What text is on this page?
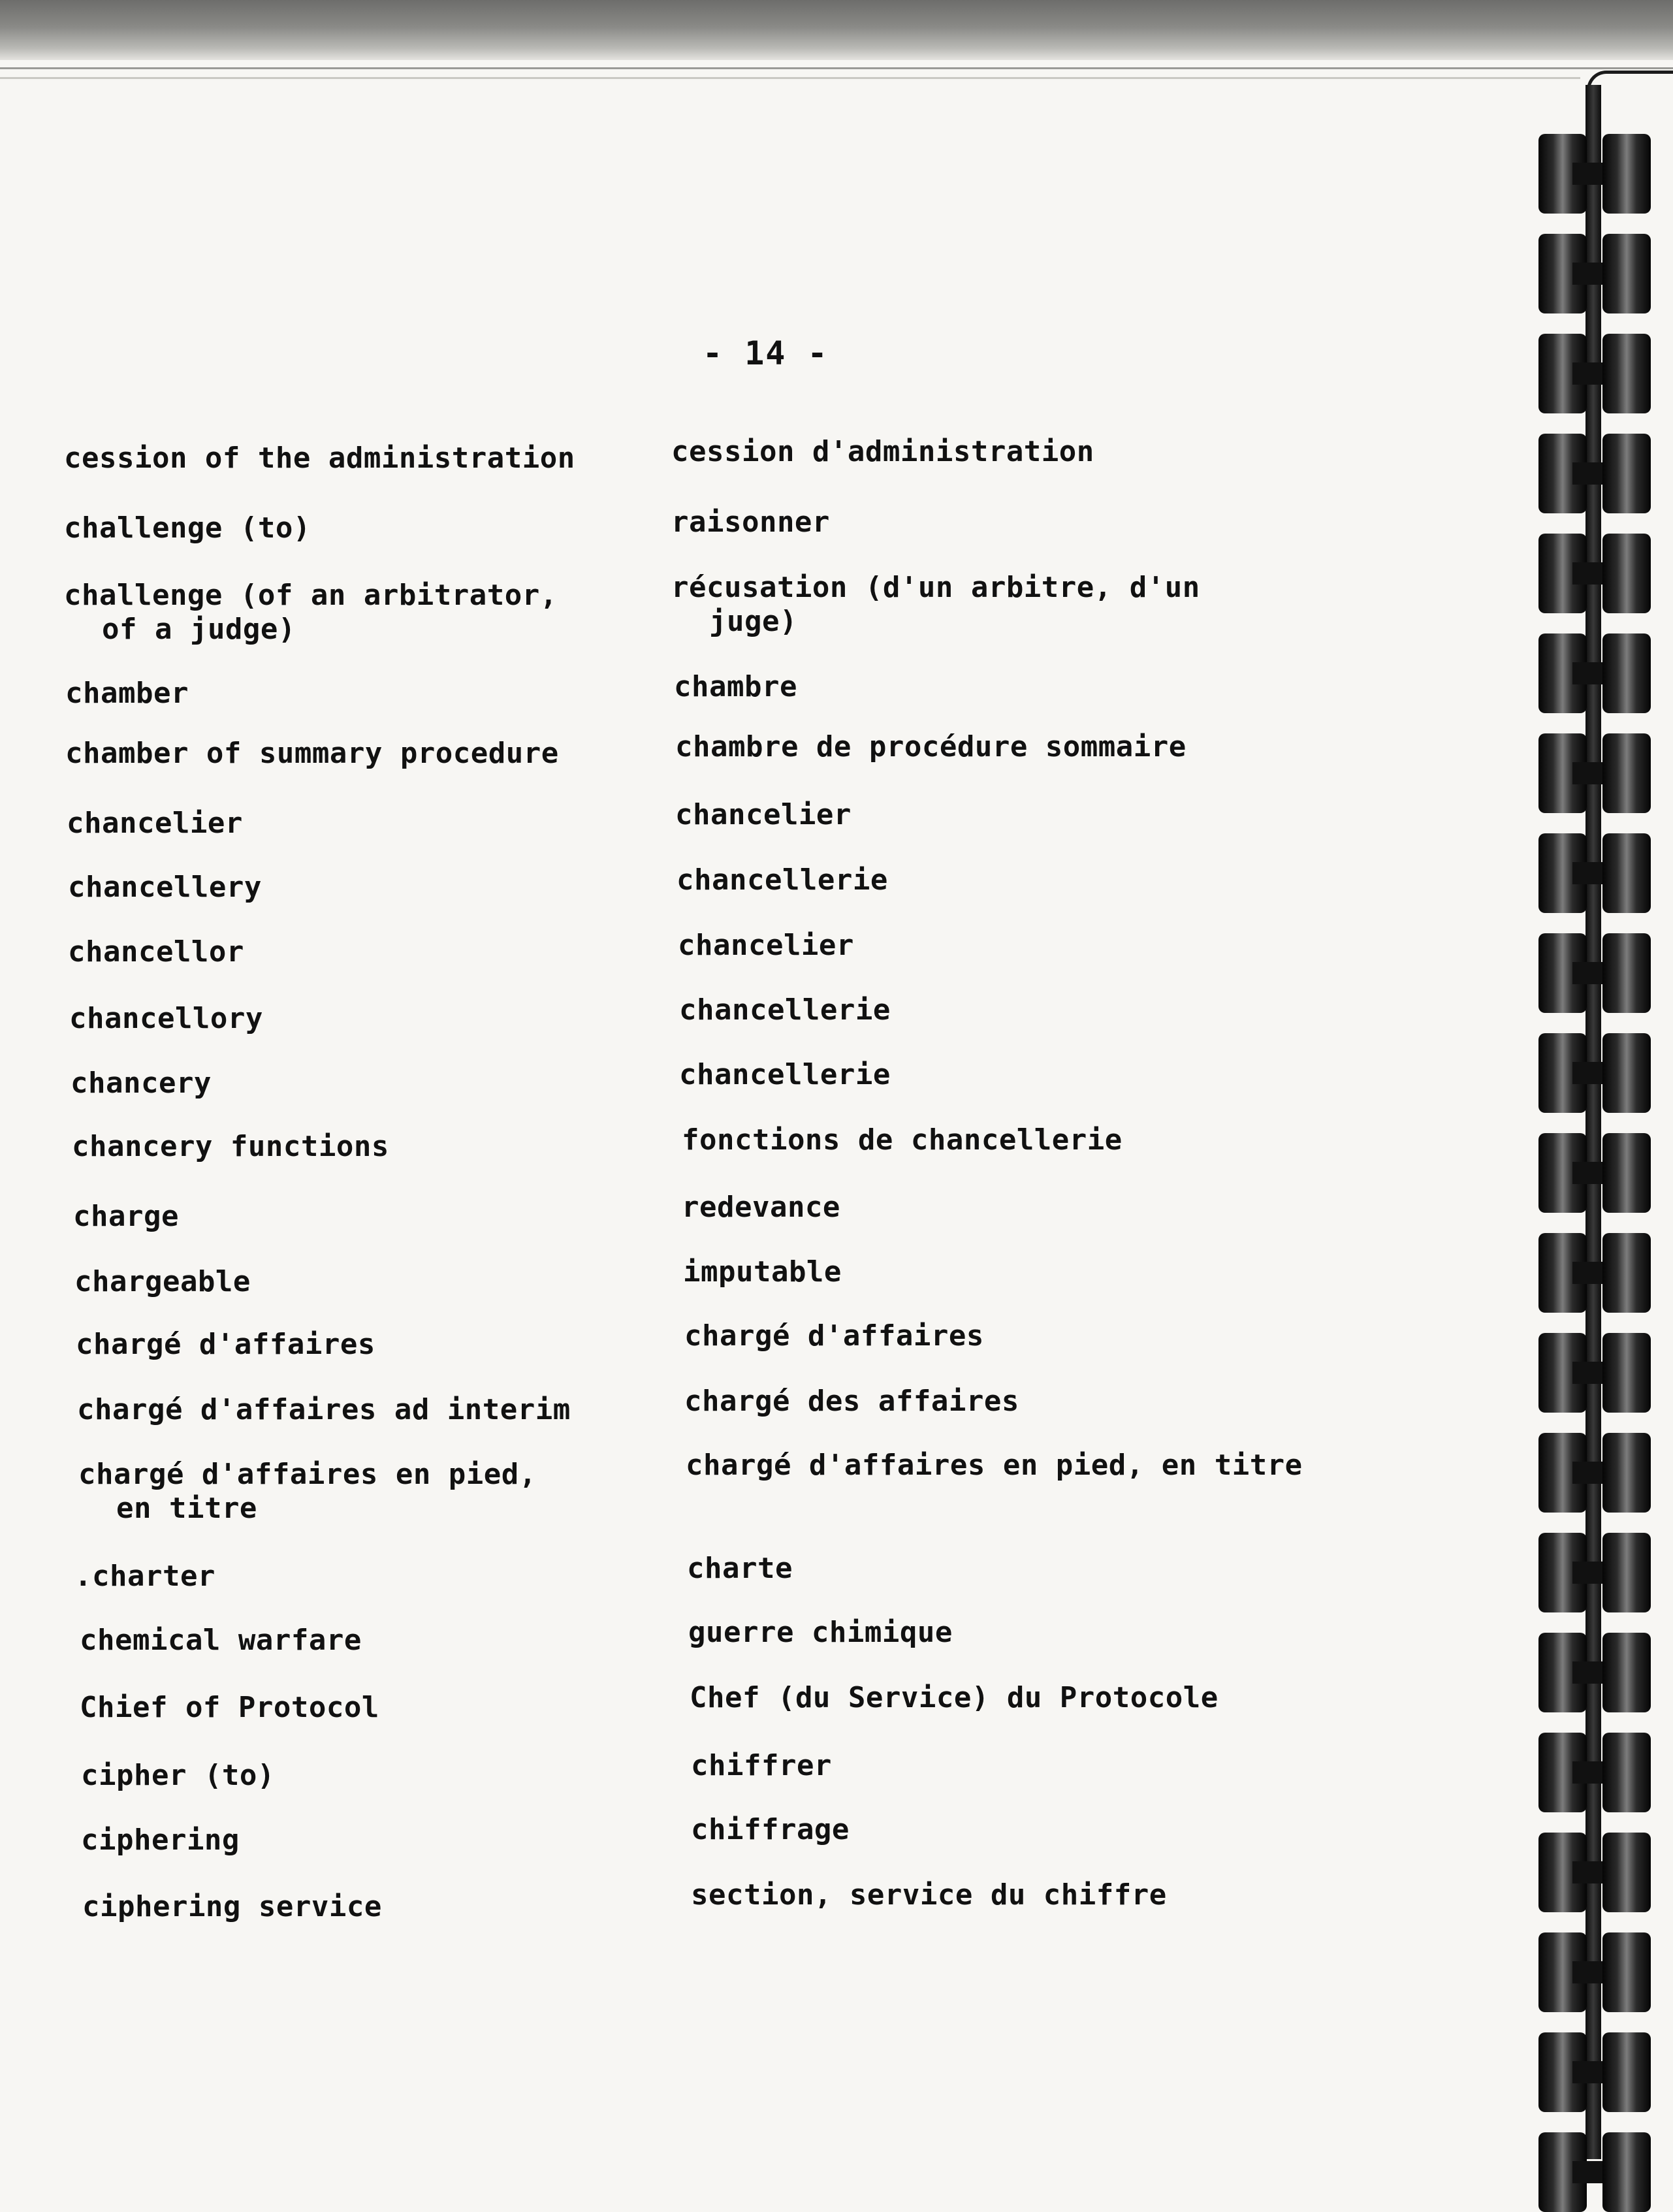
- 14 -
cession of the administration
challenge (to)
challenge (of an arbitrator,
of a judge)
chamber
chamber of summary procedure
chancelier
chancellery
chancellor
chancellory
chancery
chancery functions
charge
chargeable
chargé d'affaires
chargé d'affaires ad interim
chargé d'affaires en pied,
en titre
.charter
chemical warfare
Chief of Protocol
cipher (to)
ciphering
ciphering service
cession d'administration
raisonner
récusation (d'un arbitre, d'un
juge)
chambre
chambre de procédure sommaire
chancelier
chancellerie
chancelier
chancellerie
chancellerie
fonctions de chancellerie
redevance
imputable
chargé d'affaires
chargé des affaires
chargé d'affaires en pied, en titre
charte
guerre chimique
Chef (du Service) du Protocole
chiffrer
chiffrage
section, service du chiffre
